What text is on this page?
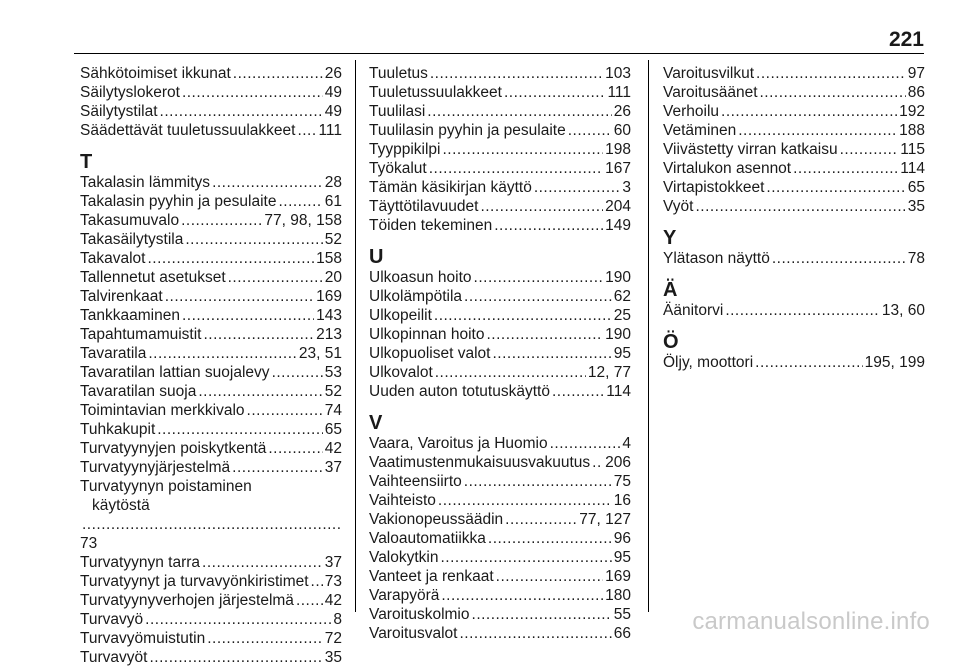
221
Sähkötoimiset ikkunat .....	26
Säilytyslokerot .....	49
Säilytystilat .....	49
Säädettävät tuuletussuulakkeet ..... 111
T
Takalasin lämmitys .....	28
Takalasin pyyhin ja pesulaite .....	61
Takasumuvalo .....	77, 98, 158
Takasäilytystila .....	52
Takavalot .....	158
Tallennetut asetukset .....	20
Talvirenkaat .....	169
Tankkaaminen .....	143
Tapahtumamuistit .....	213
Tavaratila .....	23, 51
Tavaratilan lattian suojalevy .....	53
Tavaratilan suoja .....	52
Toimintavian merkkivalo .....	74
Tuhkakupit .....	65
Turvatyynyjen poiskytkentä .....	42
Turvatyynyjärjestelmä .....	37
Turvatyynyn poistaminen
käytöstä
.....
73
Turvatyynyn tarra .....	37
Turvatyynyt ja turvavyönkiristimet ..... 73
Turvatyynyverhojen järjestelmä ..... 42
Turvavyö .....	8
Turvavyömuistutin .....	72
Turvavyöt .....	35
Tuuletus .....	103
Tuuletussuulakkeet .....	111
Tuulilasi .....	26
Tuulilasin pyyhin ja pesulaite .....	60
Tyyppikilpi .....	198
Työkalut .....	167
Tämän käsikirjan käyttö .....	3
Täyttötilavuudet .....	204
Töiden tekeminen .....	149
U
Ulkoasun hoito .....	190
Ulkolämpötila .....	62
Ulkopeilit .....	25
Ulkopinnan hoito .....	190
Ulkopuoliset valot .....	95
Ulkovalot .....	12, 77
Uuden auton totutuskäyttö .....	114
V
Vaara, Varoitus ja Huomio .....	4
Vaatimustenmukaisuusvakuutus ..... 206
Vaihteensiirto .....	75
Vaihteisto .....	16
Vakionopeussäädin .....	77, 127
Valoautomatiikka .....	96
Valokytkin .....	95
Vanteet ja renkaat .....	169
Varapyörä .....	180
Varoituskolmio .....	55
Varoitusvalot .....	66
Varoitusvilkut .....	97
Varoitusäänet .....	86
Verhoilu .....	192
Vetäminen .....	188
Viivästetty virran katkaisu .....	115
Virtalukon asennot .....	114
Virtapistokkeet .....	65
Vyöt .....	35
Y
Ylätason näyttö .....	78
Ä
Äänitorvi .....	13, 60
Ö
Öljy, moottori .....	195, 199
carmanualsonline.info
